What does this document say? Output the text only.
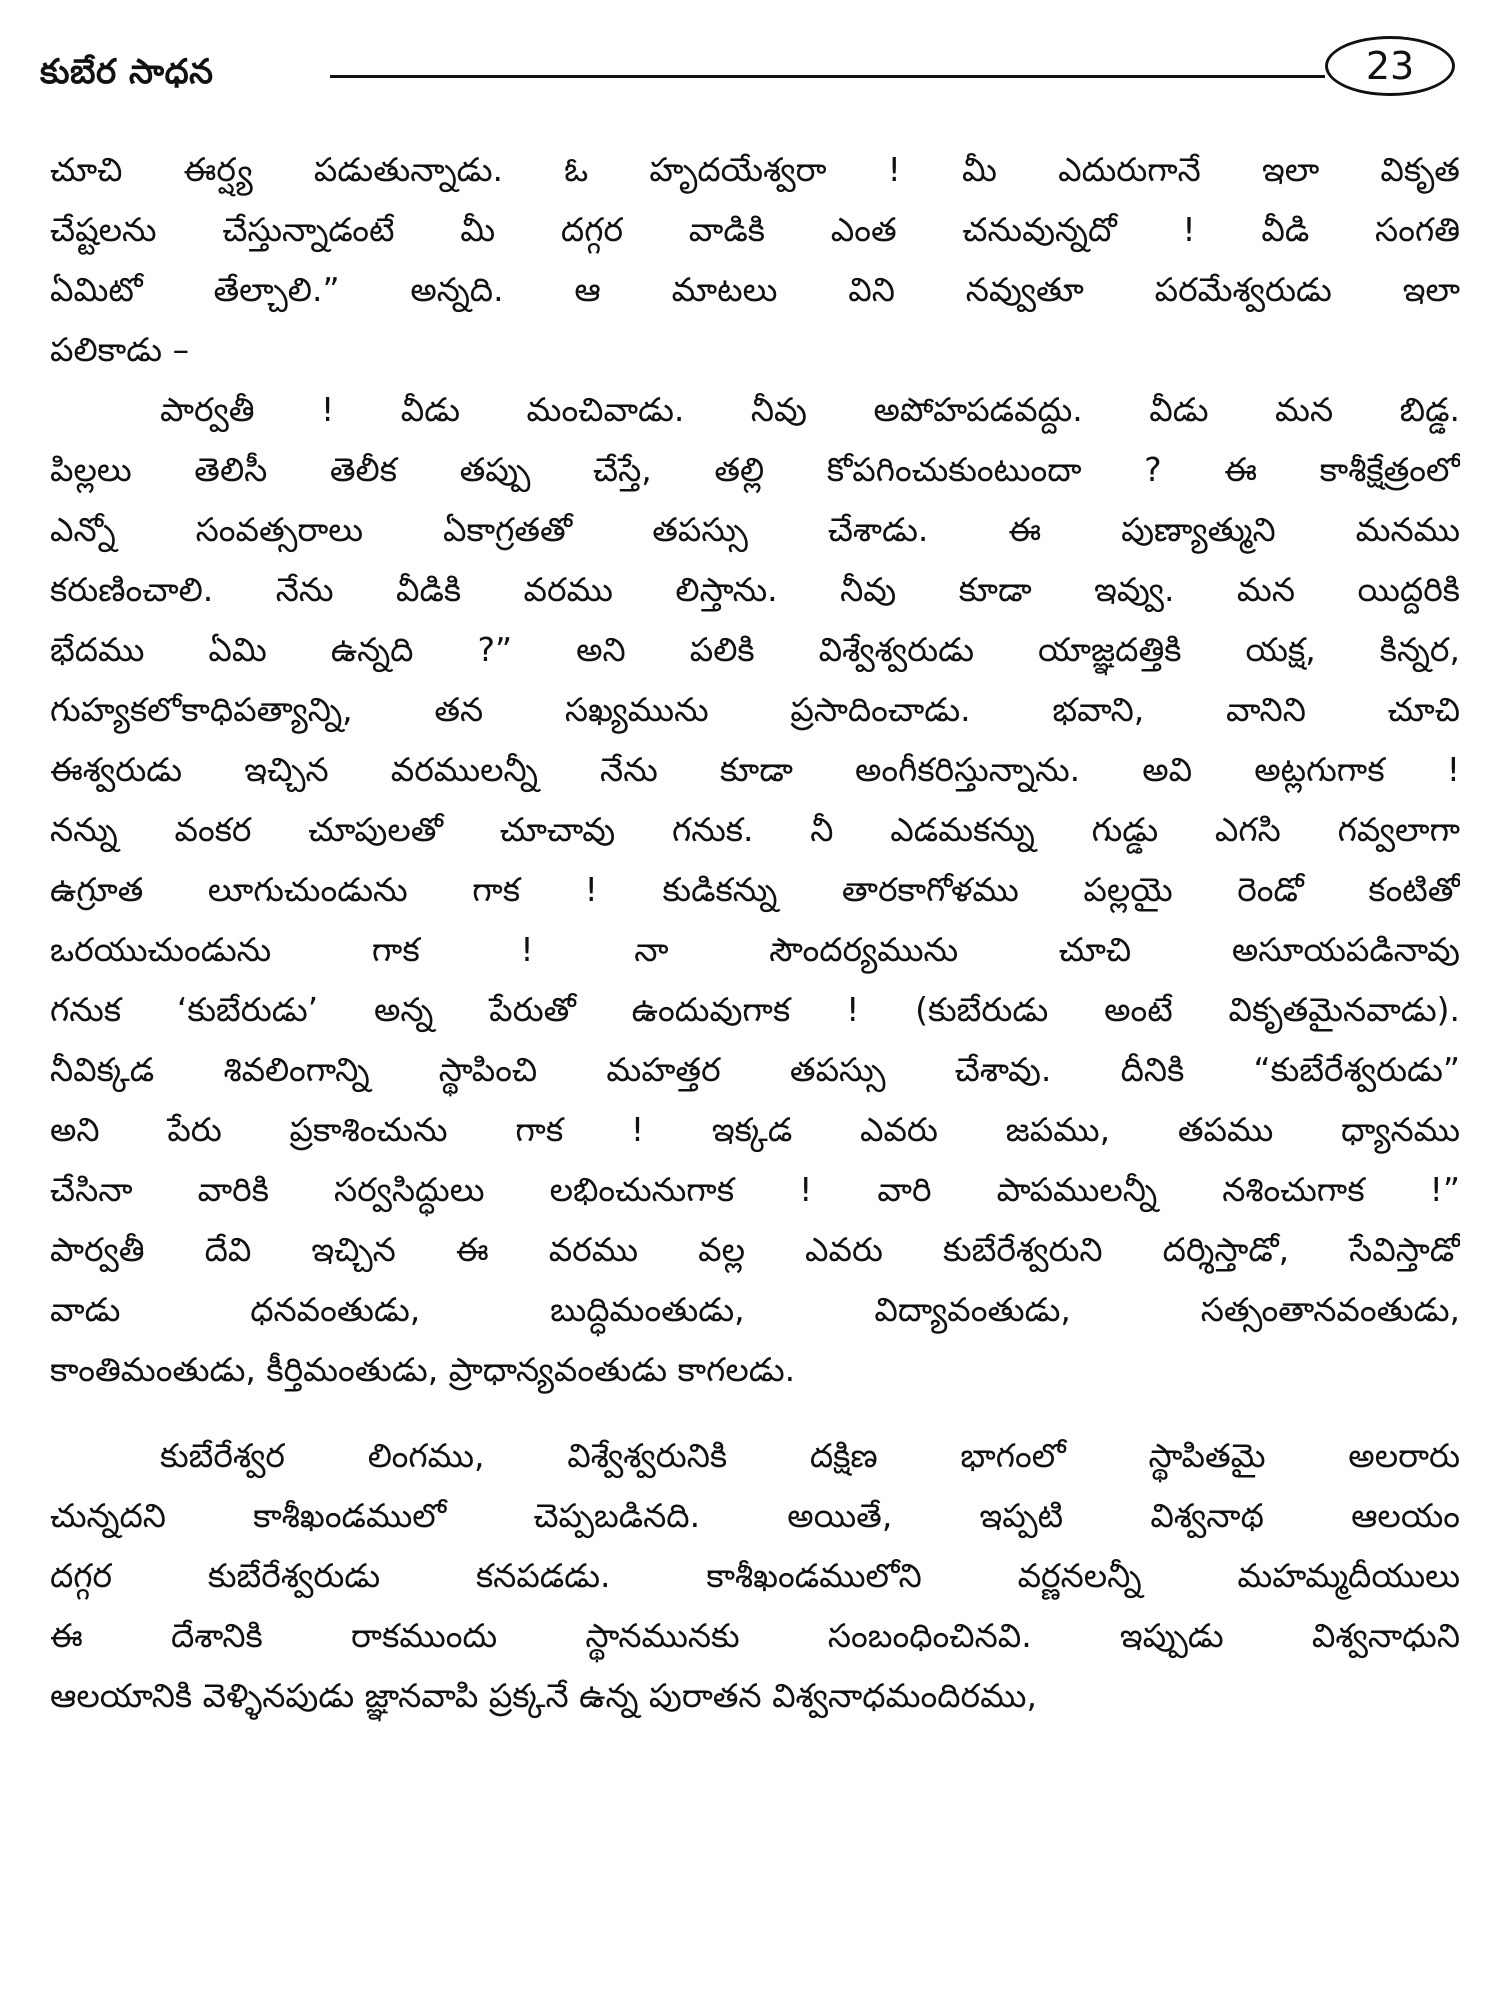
కుబేర సాధన	23
చూచి ఈర్ష్య పడుతున్నాడు. ఓ హృదయేశ్వరా ! మీ ఎదురుగానే ఇలా వికృత
చేష్టలను చేస్తున్నాడంటే మీ దగ్గర వాడికి ఎంత చనువున్నదో ! వీడి సంగతి
ఏమిటో తేల్చాలి.” అన్నది. ఆ మాటలు విని నవ్వుతూ పరమేశ్వరుడు ఇలా
పలికాడు –
పార్వతీ ! వీడు మంచివాడు. నీవు అపోహపడవద్దు. వీడు మన బిడ్డ.
పిల్లలు తెలిసీ తెలీక తప్పు చేస్తే, తల్లి కోపగించుకుంటుందా ? ఈ కాశీక్షేత్రంలో
ఎన్నో సంవత్సరాలు ఏకాగ్రతతో తపస్సు చేశాడు. ఈ పుణ్యాత్ముని మనము
కరుణించాలి. నేను వీడికి వరము లిస్తాను. నీవు కూడా ఇవ్వు. మన యిద్దరికి
భేదము ఏమి ఉన్నది ?” అని పలికి విశ్వేశ్వరుడు యాజ్ఞదత్తికి యక్ష, కిన్నర,
గుహ్యకలోకాధిపత్యాన్ని, తన సఖ్యమును ప్రసాదించాడు. భవాని, వానిని చూచి
ఈశ్వరుడు ఇచ్చిన వరములన్నీ నేను కూడా అంగీకరిస్తున్నాను. అవి అట్లగుగాక !
నన్ను వంకర చూపులతో చూచావు గనుక. నీ ఎడమకన్ను గుడ్డు ఎగసి గవ్వలాగా
ఉగ్రూత లూగుచుండును గాక ! కుడికన్ను తారకాగోళము పల్లయై రెండో కంటితో
ఒరయుచుండును గాక ! నా సౌందర్యమును చూచి అసూయపడినావు
గనుక ‘కుబేరుడు’ అన్న పేరుతో ఉందువుగాక ! (కుబేరుడు అంటే వికృతమైనవాడు).
నీవిక్కడ శివలింగాన్ని స్థాపించి మహత్తర తపస్సు చేశావు. దీనికి “కుబేరేశ్వరుడు”
అని పేరు ప్రకాశించును గాక ! ఇక్కడ ఎవరు జపము, తపము ధ్యానము
చేసినా వారికి సర్వసిద్ధులు లభించునుగాక ! వారి పాపములన్నీ నశించుగాక !”
పార్వతీ దేవి ఇచ్చిన ఈ వరము వల్ల ఎవరు కుబేరేశ్వరుని దర్శిస్తాడో, సేవిస్తాడో
వాడు ధనవంతుడు, బుద్ధిమంతుడు, విద్యావంతుడు, సత్సంతానవంతుడు,
కాంతిమంతుడు, కీర్తిమంతుడు, ప్రాధాన్యవంతుడు కాగలడు.
కుబేరేశ్వర లింగము, విశ్వేశ్వరునికి దక్షిణ భాగంలో స్థాపితమై అలరారు
చున్నదని కాశీఖండములో చెప్పబడినది. అయితే, ఇప్పటి విశ్వనాథ ఆలయం
దగ్గర కుబేరేశ్వరుడు కనపడడు. కాశీఖండములోని వర్ణనలన్నీ మహమ్మదీయులు
ఈ దేశానికి రాకముందు స్థానమునకు సంబంధించినవి. ఇప్పుడు విశ్వనాధుని
ఆలయానికి వెళ్ళినపుడు జ్ఞానవాపి ప్రక్కనే ఉన్న పురాతన విశ్వనాధమందిరము,
